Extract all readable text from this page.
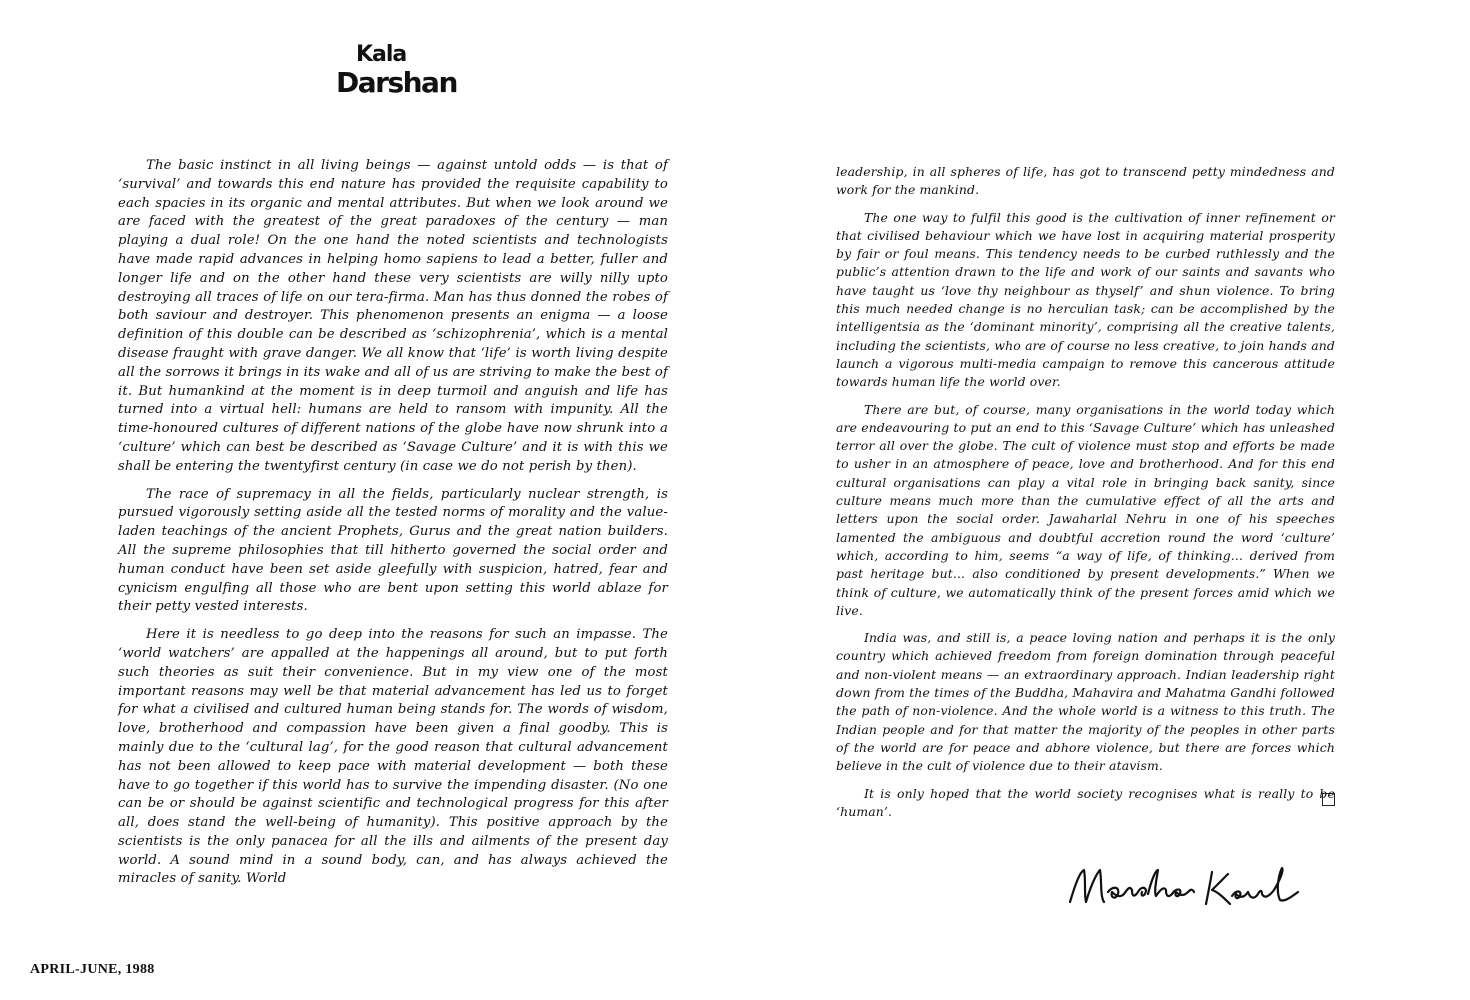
Kala
Darshan

The basic instinct in all living beings — against untold odds — is that of ‘survival’ and towards this end nature has provided the requisite capability to each spacies in its organic and mental attributes. But when we look around we are faced with the greatest of the great paradoxes of the century — man playing a dual role! On the one hand the noted scientists and technologists have made rapid advances in helping homo sapiens to lead a better, fuller and longer life and on the other hand these very scientists are willy nilly upto destroying all traces of life on our tera-firma. Man has thus donned the robes of both saviour and destroyer. This phenomenon presents an enigma — a loose definition of this double can be described as ‘schizophrenia’, which is a mental disease fraught with grave danger. We all know that ‘life’ is worth living despite all the sorrows it brings in its wake and all of us are striving to make the best of it. But humankind at the moment is in deep turmoil and anguish and life has turned into a virtual hell: humans are held to ransom with impunity. All the time-honoured cultures of different nations of the globe have now shrunk into a ‘culture’ which can best be described as ‘Savage Culture’ and it is with this we shall be entering the twentyfirst century (in case we do not perish by then).

The race of supremacy in all the fields, particularly nuclear strength, is pursued vigorously setting aside all the tested norms of morality and the value-laden teachings of the ancient Prophets, Gurus and the great nation builders. All the supreme philosophies that till hitherto governed the social order and human conduct have been set aside gleefully with suspicion, hatred, fear and cynicism engulfing all those who are bent upon setting this world ablaze for their petty vested interests.

Here it is needless to go deep into the reasons for such an impasse. The ‘world watchers’ are appalled at the happenings all around, but to put forth such theories as suit their convenience. But in my view one of the most important reasons may well be that material advancement has led us to forget for what a civilised and cultured human being stands for. The words of wisdom, love, brotherhood and compassion have been given a final goodby. This is mainly due to the ‘cultural lag’, for the good reason that cultural advancement has not been allowed to keep pace with material development — both these have to go together if this world has to survive the impending disaster. (No one can be or should be against scientific and technological progress for this after all, does stand the well-being of humanity). This positive approach by the scientists is the only panacea for all the ills and ailments of the present day world. A sound mind in a sound body, can, and has always achieved the miracles of sanity. World

leadership, in all spheres of life, has got to transcend petty mindedness and work for the mankind.

The one way to fulfil this good is the cultivation of inner refinement or that civilised behaviour which we have lost in acquiring material prosperity by fair or foul means. This tendency needs to be curbed ruthlessly and the public’s attention drawn to the life and work of our saints and savants who have taught us ‘love thy neighbour as thyself’ and shun violence. To bring this much needed change is no herculian task; can be accomplished by the intelligentsia as the ‘dominant minority’, comprising all the creative talents, including the scientists, who are of course no less creative, to join hands and launch a vigorous multi-media campaign to remove this cancerous attitude towards human life the world over.

There are but, of course, many organisations in the world today which are endeavouring to put an end to this ‘Savage Culture’ which has unleashed terror all over the globe. The cult of violence must stop and efforts be made to usher in an atmosphere of peace, love and brotherhood. And for this end cultural organisations can play a vital role in bringing back sanity, since culture means much more than the cumulative effect of all the arts and letters upon the social order. Jawaharlal Nehru in one of his speeches lamented the ambiguous and doubtful accretion round the word ‘culture’ which, according to him, seems “a way of life, of thinking... derived from past heritage but... also conditioned by present developments.” When we think of culture, we automatically think of the present forces amid which we live.

India was, and still is, a peace loving nation and perhaps it is the only country which achieved freedom from foreign domination through peaceful and non-violent means — an extraordinary approach. Indian leadership right down from the times of the Buddha, Mahavira and Mahatma Gandhi followed the path of non-violence. And the whole world is a witness to this truth. The Indian people and for that matter the majority of the peoples in other parts of the world are for peace and abhore violence, but there are forces which believe in the cult of violence due to their atavism.

It is only hoped that the world society recognises what is really to be ‘human’.

APRIL-JUNE, 1988
